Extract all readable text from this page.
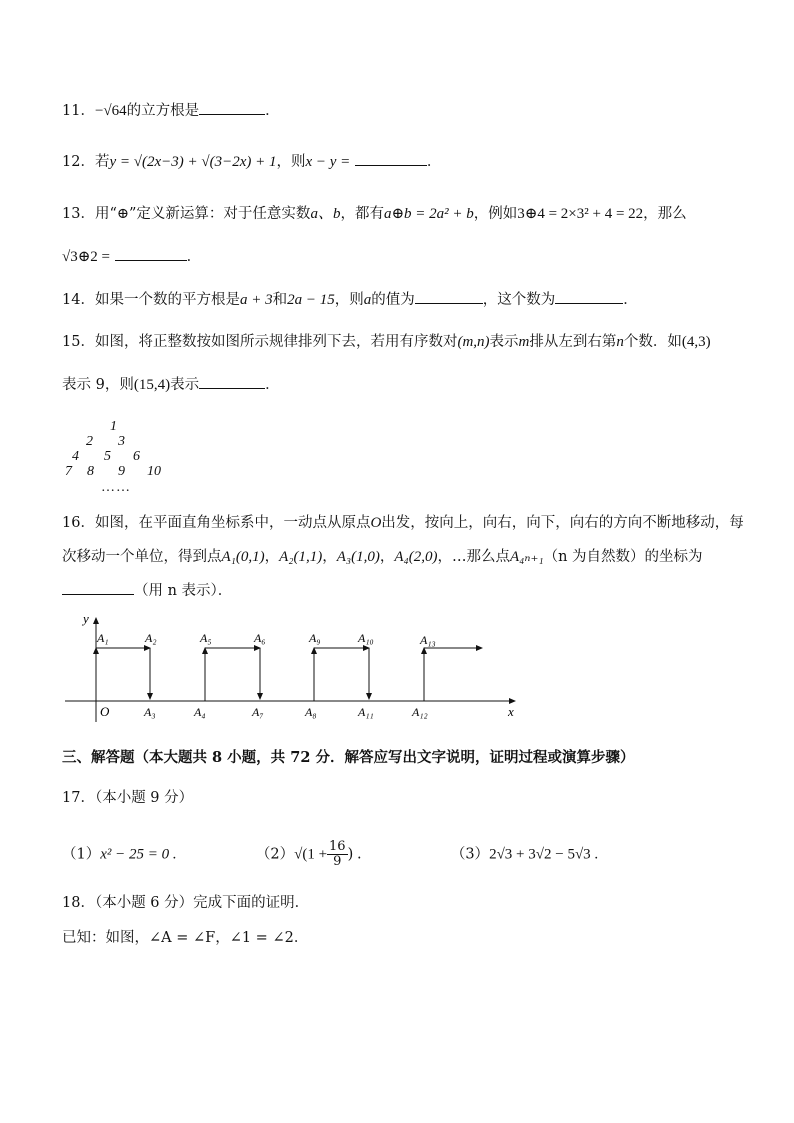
11．−√64的立方根是	．
12．若y = √(2x−3) + √(3−2x) + 1，则x − y =	．
13．用“⊕”定义新运算：对于任意实数a、b，都有a⊕b = 2a² + b，例如3⊕4 = 2×3² + 4 = 22，那么
√3⊕2 =	．
14．如果一个数的平方根是a + 3和2a − 15，则a的值为	，这个数为	．
15．如图，将正整数按如图所示规律排列下去，若用有序数对(m,n)表示m排从左到右第n个数．如(4,3)
表示 9，则(15,4)表示	．
1
2 3
4 5 6
7 8 9 10
……
16．如图，在平面直角坐标系中，一动点从原点O出发，按向上，向右，向下，向右的方向不断地移动，每
次移动一个单位，得到点A₁(0,1)，A₂(1,1)，A₃(1,0)，A₄(2,0)，…那么点A₄ₙ₊₁（n 为自然数）的坐标为
（用 n 表示）．
y
x
O
A₁	A₂	A₅	A₆	A₉	A₁₀	A₁₃
A₃	A₄	A₇	A₈	A₁₁	A₁₂
三、解答题（本大题共 8 小题，共 72 分．解答应写出文字说明，证明过程或演算步骤）
17．（本小题 9 分）
（1）x² − 25 = 0 .	$(2)√(1 + \frac{16}{9}$ ) .	（3）2√3 + 3√2 − 5√3 .
18．（本小题 6 分）完成下面的证明．
已知：如图，∠A = ∠F，∠1 = ∠2．
